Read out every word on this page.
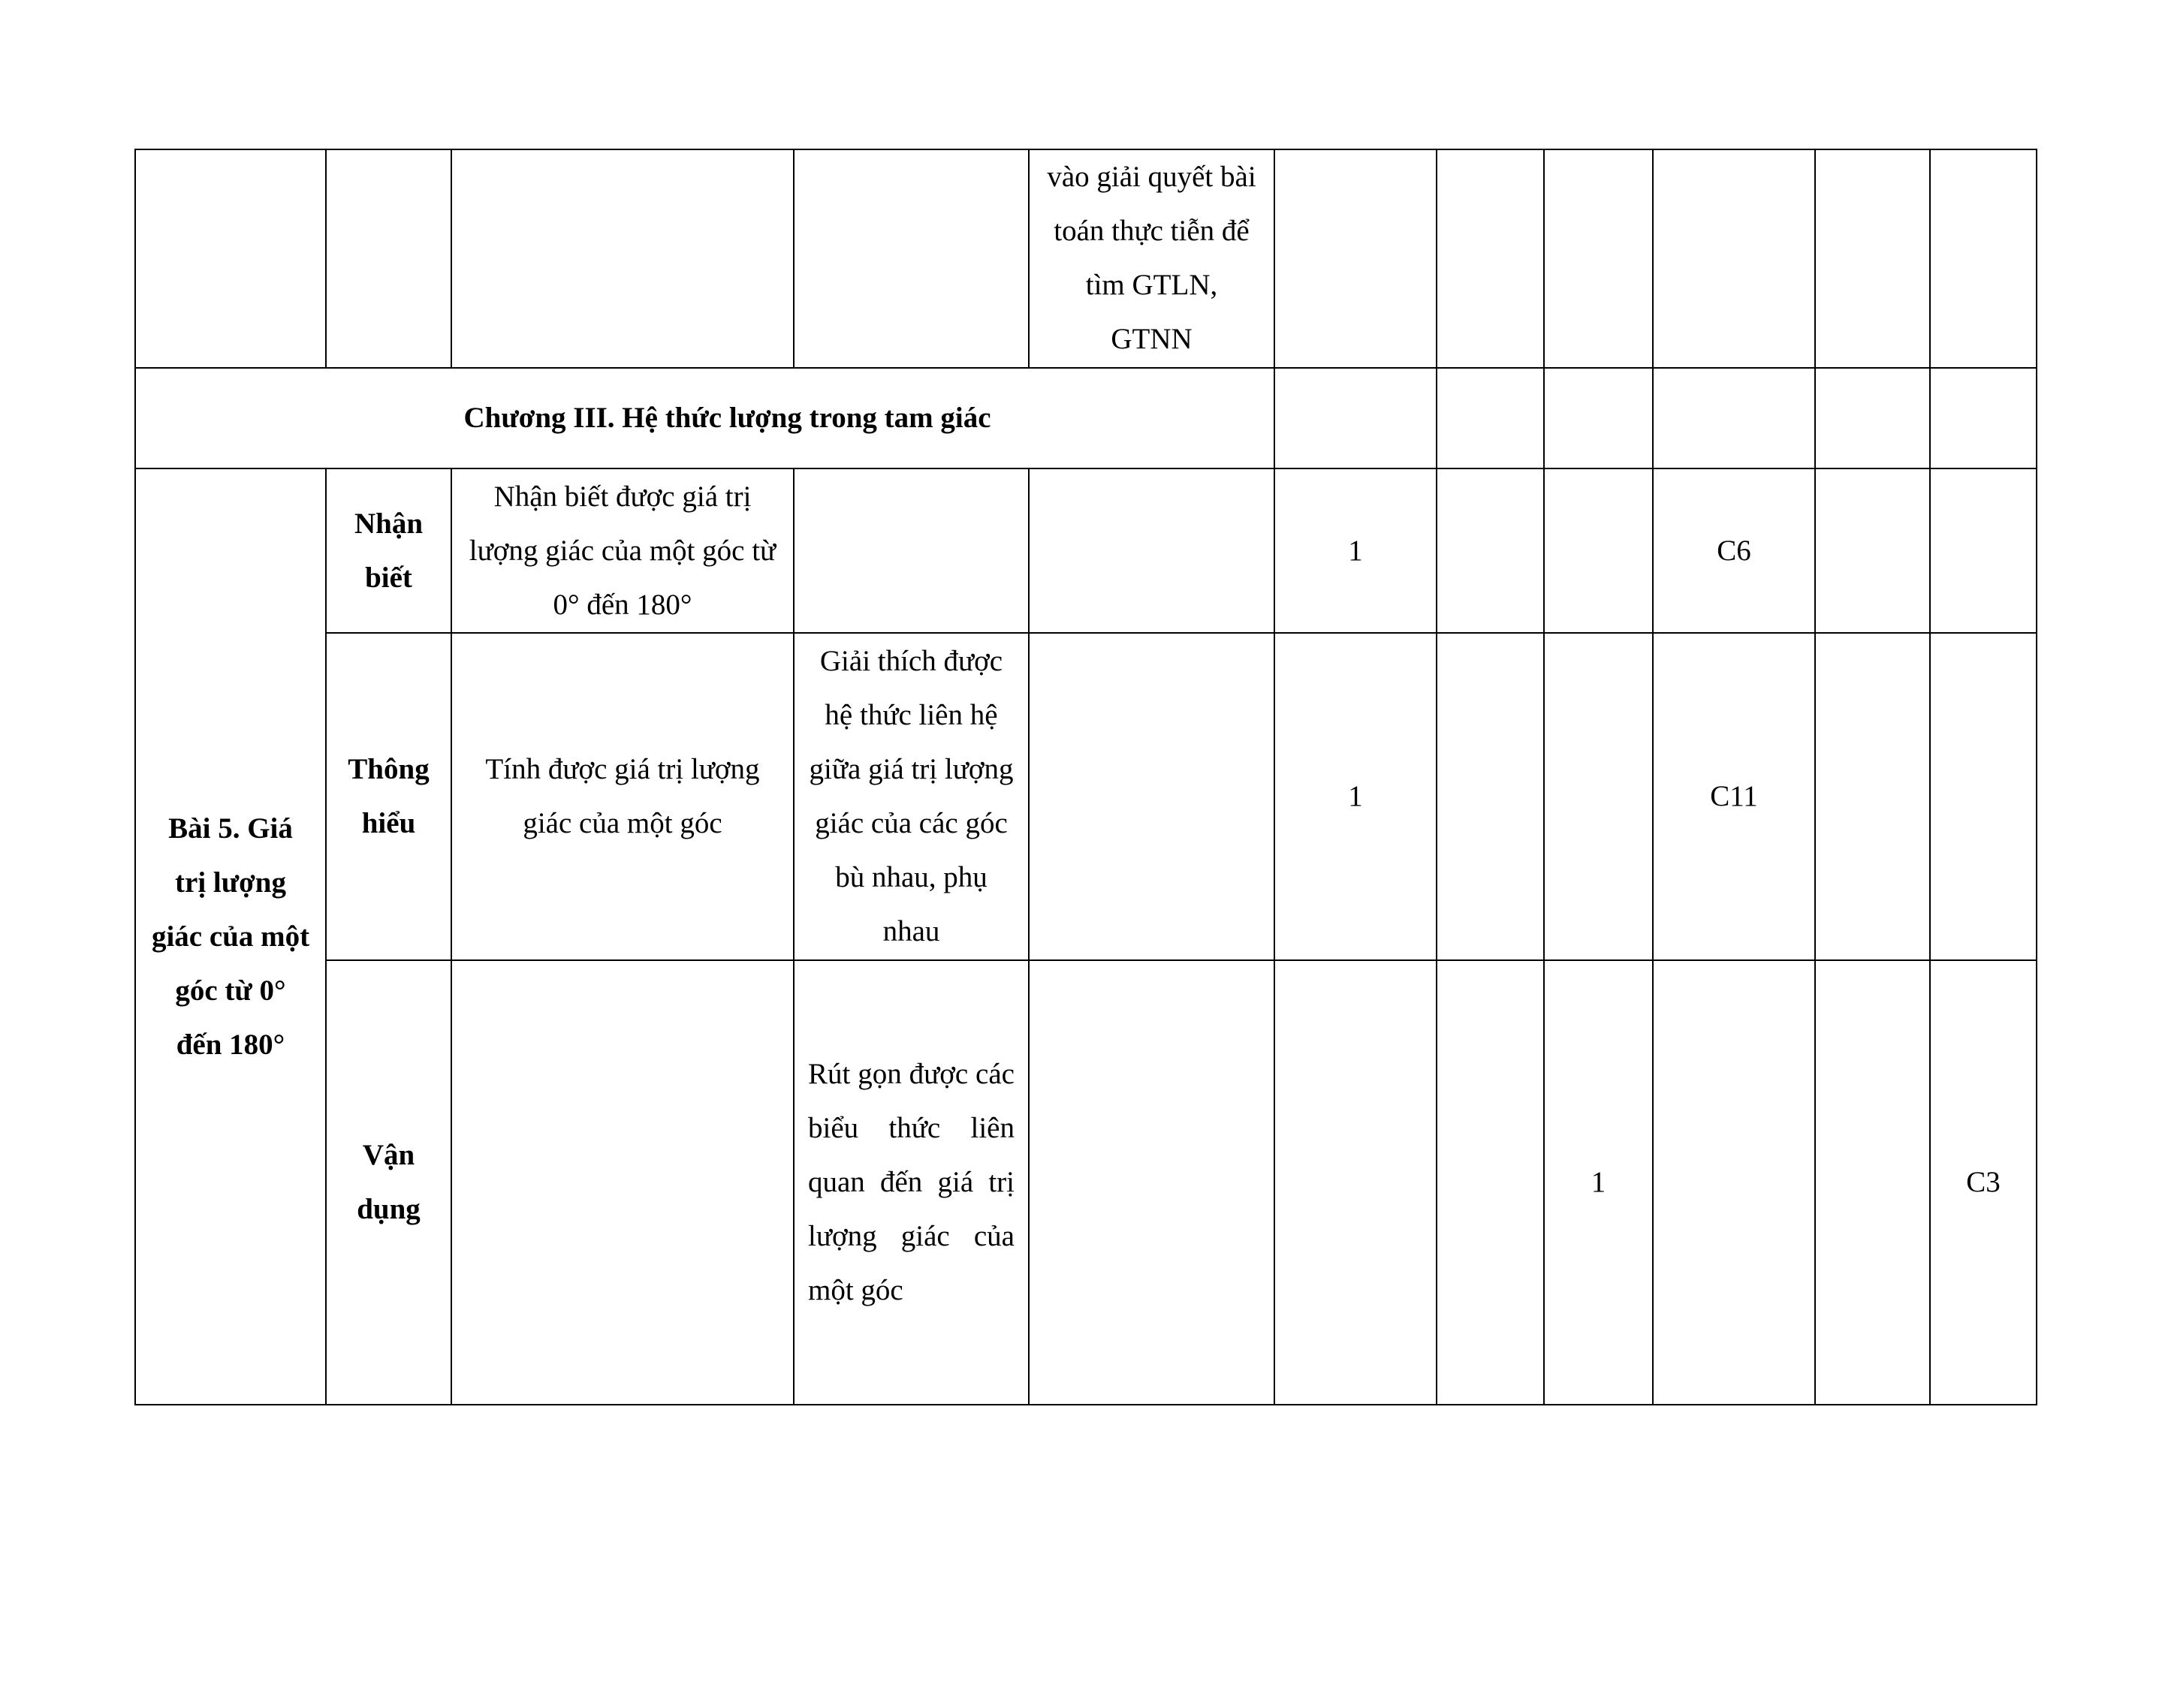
				vào giải quyết bài toán thực tiễn để tìm GTLN, GTNN						
Chương III. Hệ thức lượng trong tam giác										
Bài 5. Giá trị lượng giác của một góc từ 0° đến 180°	Nhận biết	Nhận biết được giá trị lượng giác của một góc từ 0° đến 180°			1			C6		
	Thông hiểu	Tính được giá trị lượng giác của một góc	Giải thích được hệ thức liên hệ giữa giá trị lượng giác của các góc bù nhau, phụ nhau		1			C11		
	Vận dụng		Rút gọn được các biểu thức liên quan đến giá trị lượng giác của một góc				1			C3
